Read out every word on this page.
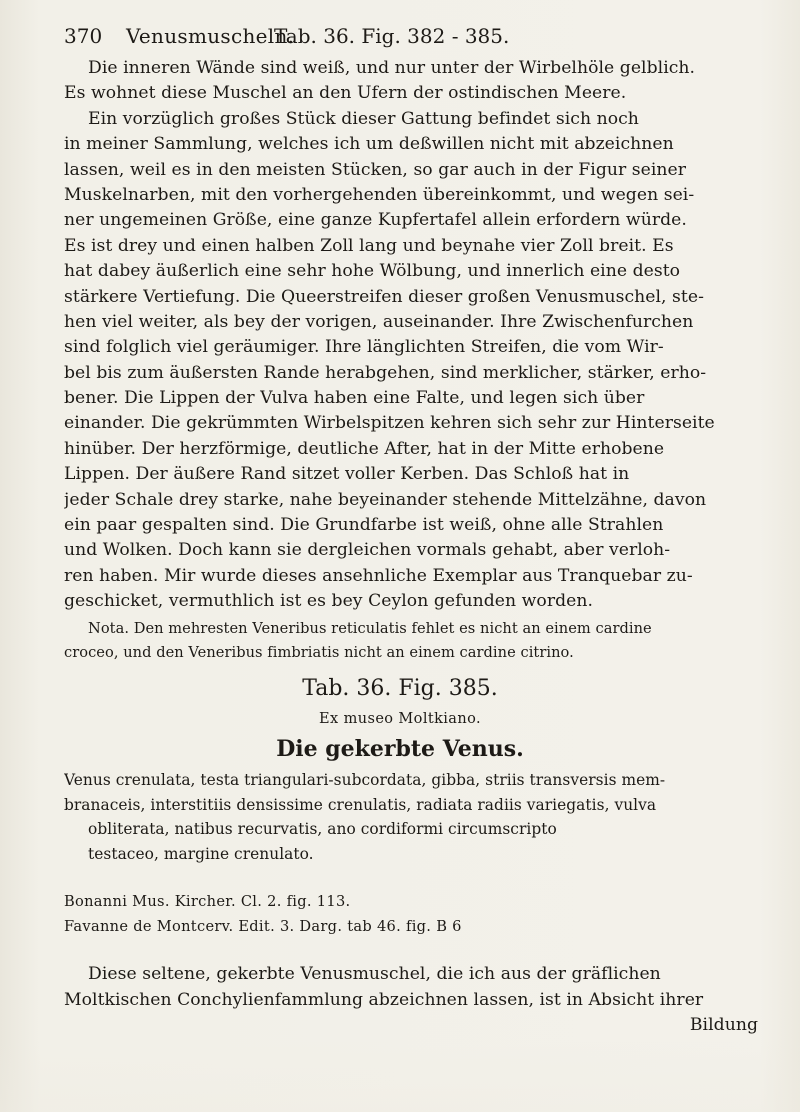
370 Venusmuscheln.
Tab. 36. Fig. 382 - 385.
Die inneren Wände sind weiß, und nur unter der Wirbelhöle gelblich.
Es wohnet diese Muschel an den Ufern der ostindischen Meere.
Ein vorzüglich großes Stück dieser Gattung befindet sich noch
in meiner Sammlung, welches ich um deßwillen nicht mit abzeichnen
lassen, weil es in den meisten Stücken, so gar auch in der Figur seiner
Muskelnarben, mit den vorhergehenden übereinkommt, und wegen sei-
ner ungemeinen Größe, eine ganze Kupfertafel allein erfordern würde.
Es ist drey und einen halben Zoll lang und beynahe vier Zoll breit. Es
hat dabey äußerlich eine sehr hohe Wölbung, und innerlich eine desto
stärkere Vertiefung. Die Queerstreifen dieser großen Venusmuschel, ste-
hen viel weiter, als bey der vorigen, auseinander. Ihre Zwischenfurchen
sind folglich viel geräumiger. Ihre länglichten Streifen, die vom Wir-
bel bis zum äußersten Rande herabgehen, sind merklicher, stärker, erho-
bener. Die Lippen der Vulva haben eine Falte, und legen sich über
einander. Die gekrümmten Wirbelspitzen kehren sich sehr zur Hinterseite
hinüber. Der herzförmige, deutliche After, hat in der Mitte erhobene
Lippen. Der äußere Rand sitzet voller Kerben. Das Schloß hat in
jeder Schale drey starke, nahe beyeinander stehende Mittelzähne, davon
ein paar gespalten sind. Die Grundfarbe ist weiß, ohne alle Strahlen
und Wolken. Doch kann sie dergleichen vormals gehabt, aber verloh-
ren haben. Mir wurde dieses ansehnliche Exemplar aus Tranquebar zu-
geschicket, vermuthlich ist es bey Ceylon gefunden worden.
Nota. Den mehresten Veneribus reticulatis fehlet es nicht an einem cardine
croceo, und den Veneribus fimbriatis nicht an einem cardine citrino.
Tab. 36. Fig. 385.
Ex museo Moltkiano.
Die gekerbte Venus.
Venus crenulata, testa triangulari-subcordata, gibba, striis transversis mem-
branaceis, interstitiis densissime crenulatis, radiata radiis variegatis, vulva
obliterata, natibus recurvatis, ano cordiformi circumscripto
testaceo, margine crenulato.
Bonanni Mus. Kircher. Cl. 2. fig. 113.
Favanne de Montcerv. Edit. 3. Darg. tab 46. fig. B 6
Diese seltene, gekerbte Venusmuschel, die ich aus der gräflichen
Moltkischen Conchylienfammlung abzeichnen lassen, ist in Absicht ihrer
Bildung
